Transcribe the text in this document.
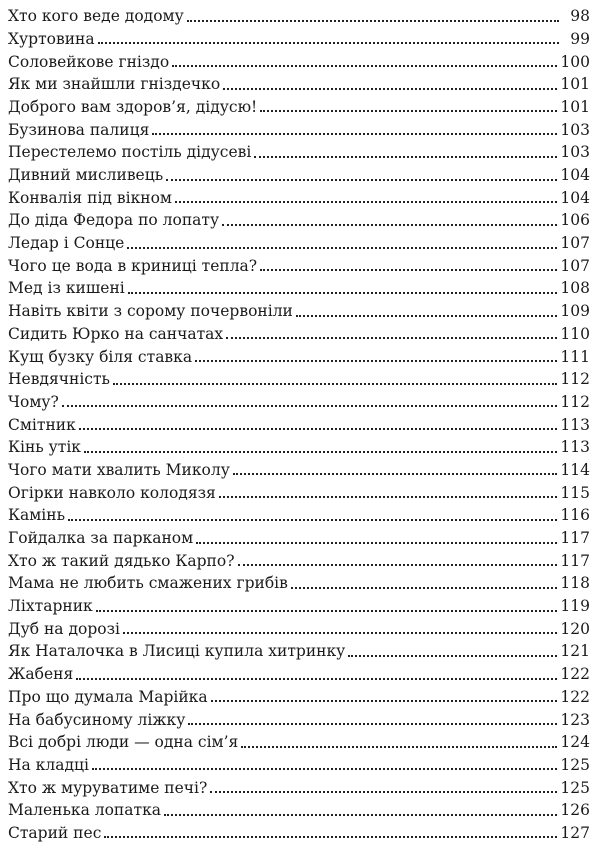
Хто кого веде додому	98
Хуртовина	99
Соловейкове гніздо	100
Як ми знайшли гніздечко	101
Доброго вам здоров’я, дідусю!	101
Бузинова палиця	103
Перестелемо постіль дідусеві	103
Дивний мисливець	104
Конвалія під вікном	104
До діда Федора по лопату	106
Ледар і Сонце	107
Чого це вода в криниці тепла?	107
Мед із кишені	108
Навіть квіти з сорому почервоніли	109
Сидить Юрко на санчатах	110
Кущ бузку біля ставка	111
Невдячність	112
Чому?	112
Смітник	113
Кінь утік	113
Чого мати хвалить Миколу	114
Огірки навколо колодязя	115
Камінь	116
Гойдалка за парканом	117
Хто ж такий дядько Карпо?	117
Мама не любить смажених грибів	118
Ліхтарник	119
Дуб на дорозі	120
Як Наталочка в Лисиці купила хитринку	121
Жабеня	122
Про що думала Марійка	122
На бабусиному ліжку	123
Всі добрі люди — одна сім’я	124
На кладці	125
Хто ж муруватиме печі?	125
Маленька лопатка	126
Старий пес	127
